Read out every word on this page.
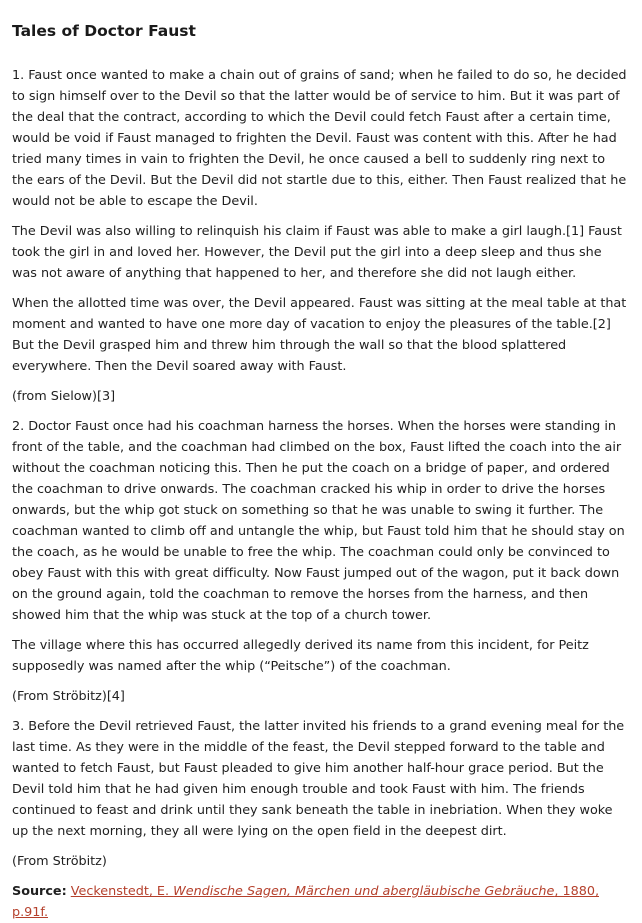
Tales of Doctor Faust

1. Faust once wanted to make a chain out of grains of sand; when he failed to do so, he decided to sign himself over to the Devil so that the latter would be of service to him. But it was part of the deal that the contract, according to which the Devil could fetch Faust after a certain time, would be void if Faust managed to frighten the Devil. Faust was content with this. After he had tried many times in vain to frighten the Devil, he once caused a bell to suddenly ring next to the ears of the Devil. But the Devil did not startle due to this, either. Then Faust realized that he would not be able to escape the Devil.

The Devil was also willing to relinquish his claim if Faust was able to make a girl laugh.[1] Faust took the girl in and loved her. However, the Devil put the girl into a deep sleep and thus she was not aware of anything that happened to her, and therefore she did not laugh either.

When the allotted time was over, the Devil appeared. Faust was sitting at the meal table at that moment and wanted to have one more day of vacation to enjoy the pleasures of the table.[2] But the Devil grasped him and threw him through the wall so that the blood splattered everywhere. Then the Devil soared away with Faust.

(from Sielow)[3]

2. Doctor Faust once had his coachman harness the horses. When the horses were standing in front of the table, and the coachman had climbed on the box, Faust lifted the coach into the air without the coachman noticing this. Then he put the coach on a bridge of paper, and ordered the coachman to drive onwards. The coachman cracked his whip in order to drive the horses onwards, but the whip got stuck on something so that he was unable to swing it further. The coachman wanted to climb off and untangle the whip, but Faust told him that he should stay on the coach, as he would be unable to free the whip. The coachman could only be convinced to obey Faust with this with great difficulty. Now Faust jumped out of the wagon, put it back down on the ground again, told the coachman to remove the horses from the harness, and then showed him that the whip was stuck at the top of a church tower.

The village where this has occurred allegedly derived its name from this incident, for Peitz supposedly was named after the whip (“Peitsche”) of the coachman.

(From Ströbitz)[4]

3. Before the Devil retrieved Faust, the latter invited his friends to a grand evening meal for the last time. As they were in the middle of the feast, the Devil stepped forward to the table and wanted to fetch Faust, but Faust pleaded to give him another half-hour grace period. But the Devil told him that he had given him enough trouble and took Faust with him. The friends continued to feast and drink until they sank beneath the table in inebriation. When they woke up the next morning, they all were lying on the open field in the deepest dirt.

(From Ströbitz)

Source: Veckenstedt, E. Wendische Sagen, Märchen und abergläubische Gebräuche, 1880, p.91f.
